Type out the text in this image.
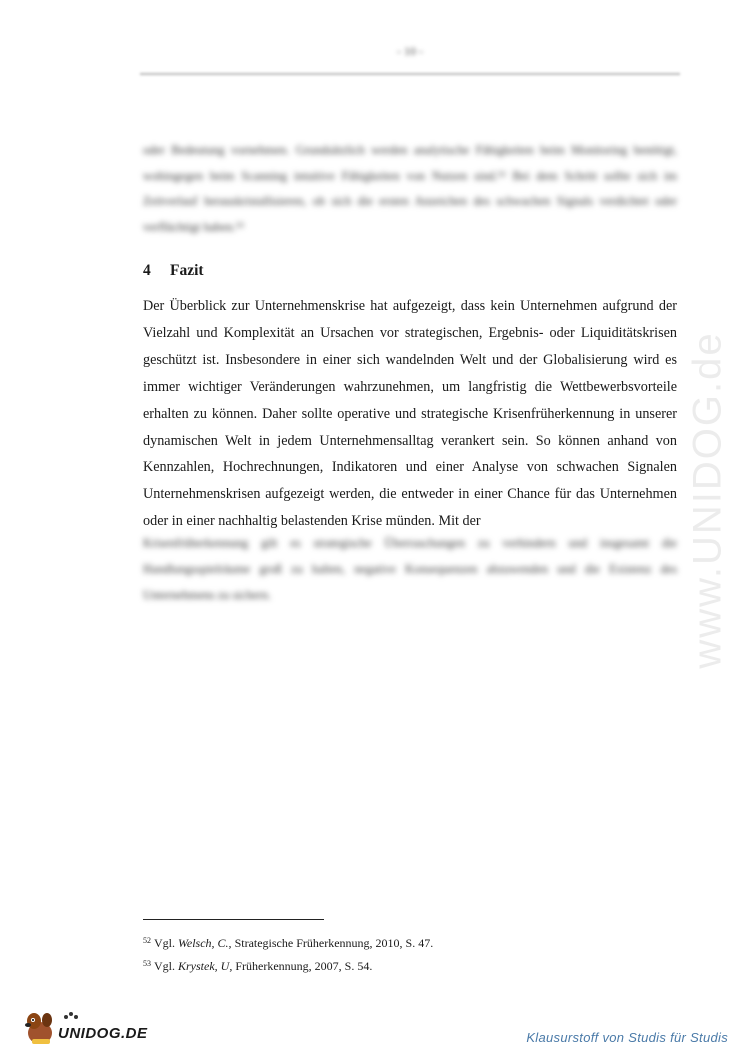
- 10 -

oder Bedeutung vornehmen. Grundsätzlich werden analytische Fähigkeiten beim Monitoring benötigt, wohingegen beim Scanning intuitive Fähigkeiten von Nutzen sind.⁵² Bei dem Schritt sollte sich im Zeitverlauf herauskristallisieren, ob sich die ersten Anzeichen des schwachen Signals verdichtet oder verflüchtigt haben.⁵³

4 Fazit

Der Überblick zur Unternehmenskrise hat aufgezeigt, dass kein Unternehmen aufgrund der Vielzahl und Komplexität an Ursachen vor strategischen, Ergebnis- oder Liquiditätskrisen geschützt ist. Insbesondere in einer sich wandelnden Welt und der Globalisierung wird es immer wichtiger Veränderungen wahrzunehmen, um langfristig die Wettbewerbsvorteile erhalten zu können. Daher sollte operative und strategische Krisenfrüherkennung in unserer dynamischen Welt in jedem Unternehmensalltag verankert sein. So können anhand von Kennzahlen, Hochrechnungen, Indikatoren und einer Analyse von schwachen Signalen Unternehmenskrisen aufgezeigt werden, die entweder in einer Chance für das Unternehmen oder in einer nachhaltig belastenden Krise münden. Mit der

Krisenfrüherkennung gilt es strategische Überraschungen zu verhindern und insgesamt die Handlungsspielräume groß zu halten, negative Konsequenzen abzuwenden und die Existenz des Unternehmens zu sichern.

$^{52}$ Vgl. Welsch, C., Strategische Früherkennung, 2010, S. 47.
$^{53}$ Vgl. Krystek, U, Früherkennung, 2007, S. 54.
www.UNIDOG.de
UNIDOG.DE	Klausurstoff von Studis für Studis
